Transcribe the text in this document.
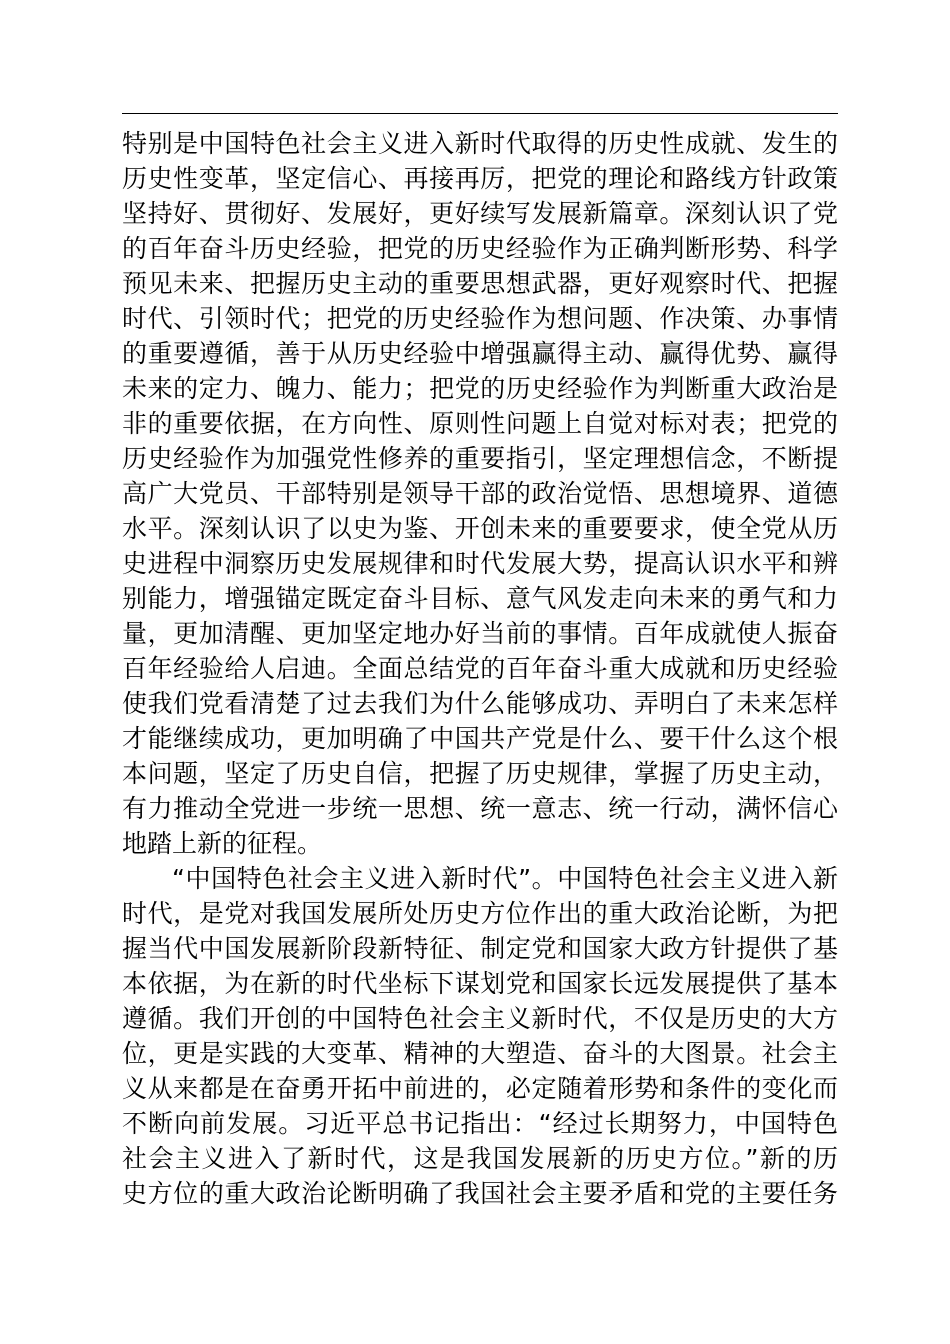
特别是中国特色社会主义进入新时代取得的历史性成就、发生的
历史性变革，坚定信心、再接再厉，把党的理论和路线方针政策
坚持好、贯彻好、发展好，更好续写发展新篇章。深刻认识了党
的百年奋斗历史经验，把党的历史经验作为正确判断形势、科学
预见未来、把握历史主动的重要思想武器，更好观察时代、把握
时代、引领时代；把党的历史经验作为想问题、作决策、办事情
的重要遵循，善于从历史经验中增强赢得主动、赢得优势、赢得
未来的定力、魄力、能力；把党的历史经验作为判断重大政治是
非的重要依据，在方向性、原则性问题上自觉对标对表；把党的
历史经验作为加强党性修养的重要指引，坚定理想信念，不断提
高广大党员、干部特别是领导干部的政治觉悟、思想境界、道德
水平。深刻认识了以史为鉴、开创未来的重要要求，使全党从历
史进程中洞察历史发展规律和时代发展大势，提高认识水平和辨
别能力，增强锚定既定奋斗目标、意气风发走向未来的勇气和力
量，更加清醒、更加坚定地办好当前的事情。百年成就使人振奋
百年经验给人启迪。全面总结党的百年奋斗重大成就和历史经验
使我们党看清楚了过去我们为什么能够成功、弄明白了未来怎样
才能继续成功，更加明确了中国共产党是什么、要干什么这个根
本问题，坚定了历史自信，把握了历史规律，掌握了历史主动，
有力推动全党进一步统一思想、统一意志、统一行动，满怀信心
地踏上新的征程。
“中国特色社会主义进入新时代”。中国特色社会主义进入新
时代，是党对我国发展所处历史方位作出的重大政治论断，为把
握当代中国发展新阶段新特征、制定党和国家大政方针提供了基
本依据，为在新的时代坐标下谋划党和国家长远发展提供了基本
遵循。我们开创的中国特色社会主义新时代，不仅是历史的大方
位，更是实践的大变革、精神的大塑造、奋斗的大图景。社会主
义从来都是在奋勇开拓中前进的，必定随着形势和条件的变化而
不断向前发展。习近平总书记指出：“经过长期努力，中国特色
社会主义进入了新时代，这是我国发展新的历史方位。”新的历
史方位的重大政治论断明确了我国社会主要矛盾和党的主要任务
